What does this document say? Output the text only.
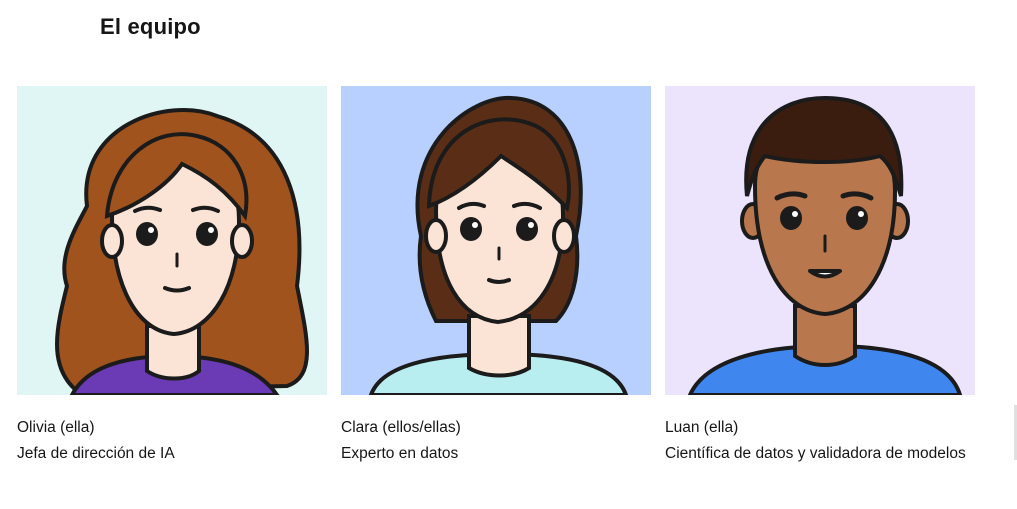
El equipo

Olivia (ella)

Jefa de dirección de IA

Clara (ellos/ellas)

Experto en datos

Luan (ella)

Científica de datos y validadora de modelos
